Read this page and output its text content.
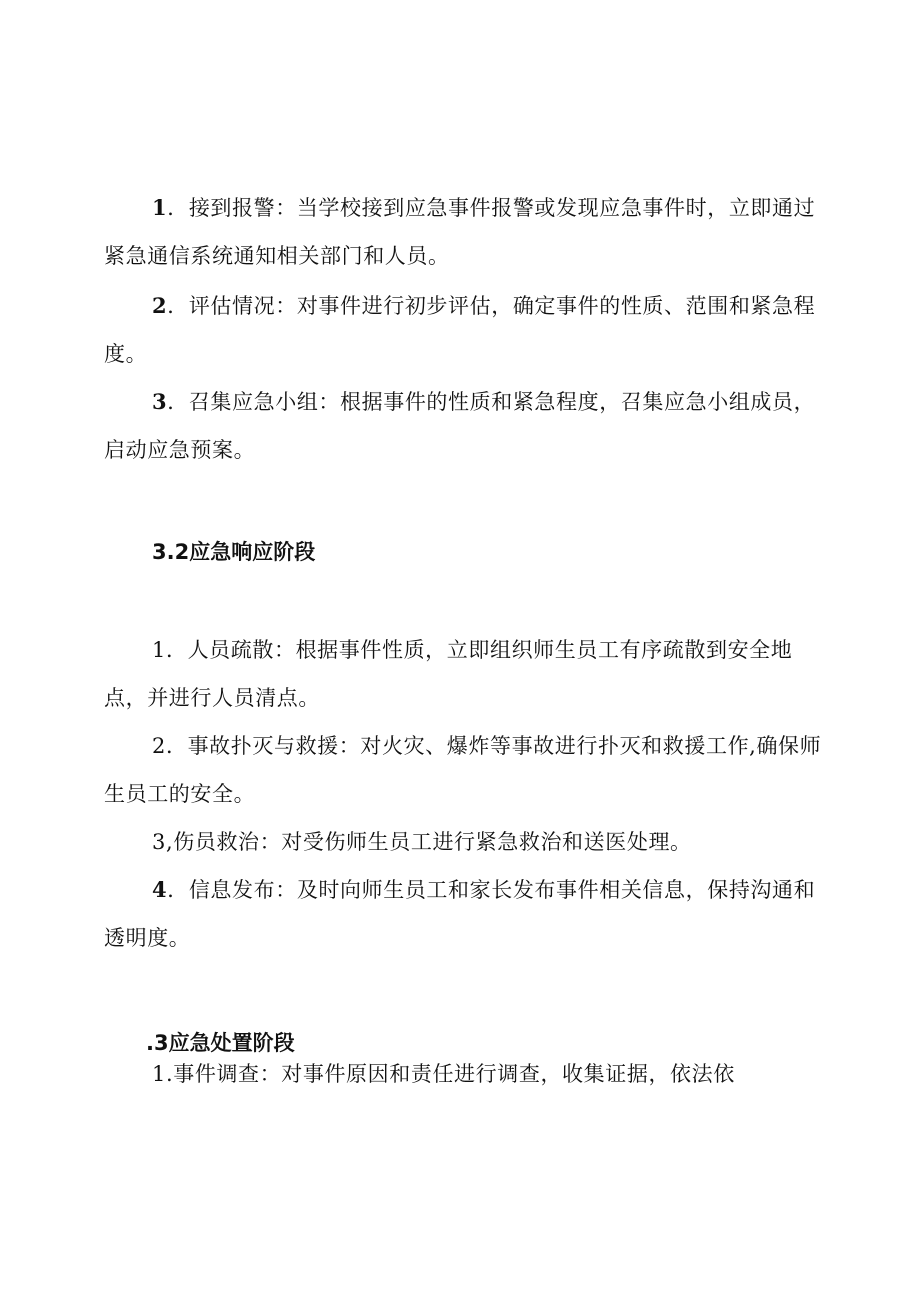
1．接到报警：当学校接到应急事件报警或发现应急事件时，立即通过紧急通信系统通知相关部门和人员。

2．评估情况：对事件进行初步评估，确定事件的性质、范围和紧急程度。

3．召集应急小组：根据事件的性质和紧急程度，召集应急小组成员，启动应急预案。

3.2应急响应阶段

1．人员疏散：根据事件性质，立即组织师生员工有序疏散到安全地点，并进行人员清点。

2．事故扑灭与救援：对火灾、爆炸等事故进行扑灭和救援工作,确保师生员工的安全。

3,伤员救治：对受伤师生员工进行紧急救治和送医处理。

4．信息发布：及时向师生员工和家长发布事件相关信息，保持沟通和透明度。

.3应急处置阶段

1.事件调查：对事件原因和责任进行调查，收集证据，依法依
